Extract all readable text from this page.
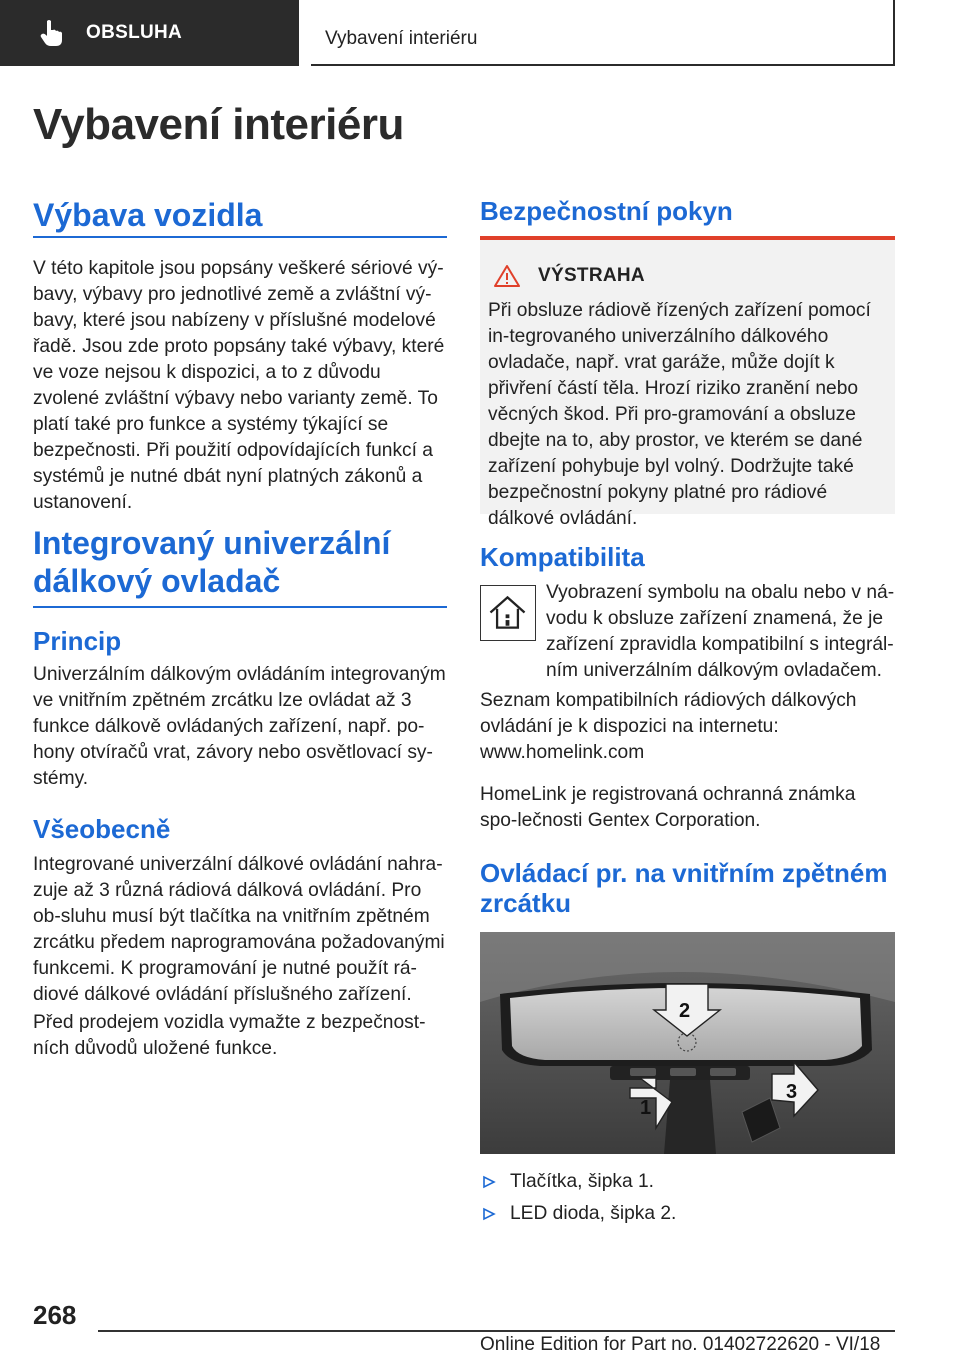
OBSLUHA	Vybavení interiéru
Vybavení interiéru
Výbava vozidla

V této kapitole jsou popsány veškeré sériové vý‐bavy, výbavy pro jednotlivé země a zvláštní vý‐bavy, které jsou nabízeny v příslušné modelové řadě. Jsou zde proto popsány také výbavy, které ve voze nejsou k dispozici, a to z důvodu zvolené zvláštní výbavy nebo varianty země. To platí také pro funkce a systémy týkající se bezpečnosti. Při použití odpovídajících funkcí a systémů je nutné dbát nyní platných zákonů a ustanovení.

Integrovaný univerzální dálkový ovladač
Princip

Univerzálním dálkovým ovládáním integrovaným ve vnitřním zpětném zrcátku lze ovládat až 3 funkce dálkově ovládaných zařízení, např. po‐hony otvíračů vrat, závory nebo osvětlovací sy‐stémy.

Všeobecně

Integrované univerzální dálkové ovládání nahra‐zuje až 3 různá rádiová dálková ovládání. Pro ob‐sluhu musí být tlačítka na vnitřním zpětném zrcátku předem naprogramována požadovanými funkcemi. K programování je nutné použít rá‐diové dálkové ovládání příslušného zařízení.

Před prodejem vozidla vymažte z bezpečnost‐ních důvodů uložené funkce.

Bezpečnostní pokyn
VÝSTRAHA

Při obsluze rádiově řízených zařízení pomocí in‐tegrovaného univerzálního dálkového ovladače, např. vrat garáže, může dojít k přivření částí těla. Hrozí riziko zranění nebo věcných škod. Při pro‐gramování a obsluze dbejte na to, aby prostor, ve kterém se dané zařízení pohybuje byl volný. Dodržujte také bezpečnostní pokyny platné pro rádiové dálkové ovládání.

Kompatibilita

Vyobrazení symbolu na obalu nebo v ná‐vodu k obsluze zařízení znamená, že je zařízení zpravidla kompatibilní s integrál‐ním univerzálním dálkovým ovladačem.

Seznam kompatibilních rádiových dálkových ovládání je k dispozici na internetu:

www.homelink.com

HomeLink je registrovaná ochranná známka spo‐lečnosti Gentex Corporation.

Ovládací pr. na vnitřním zpětném zrcátku
2
1
3
Tlačítka, šipka 1.
LED dioda, šipka 2.
268
Online Edition for Part no. 01402722620 - VI/18
